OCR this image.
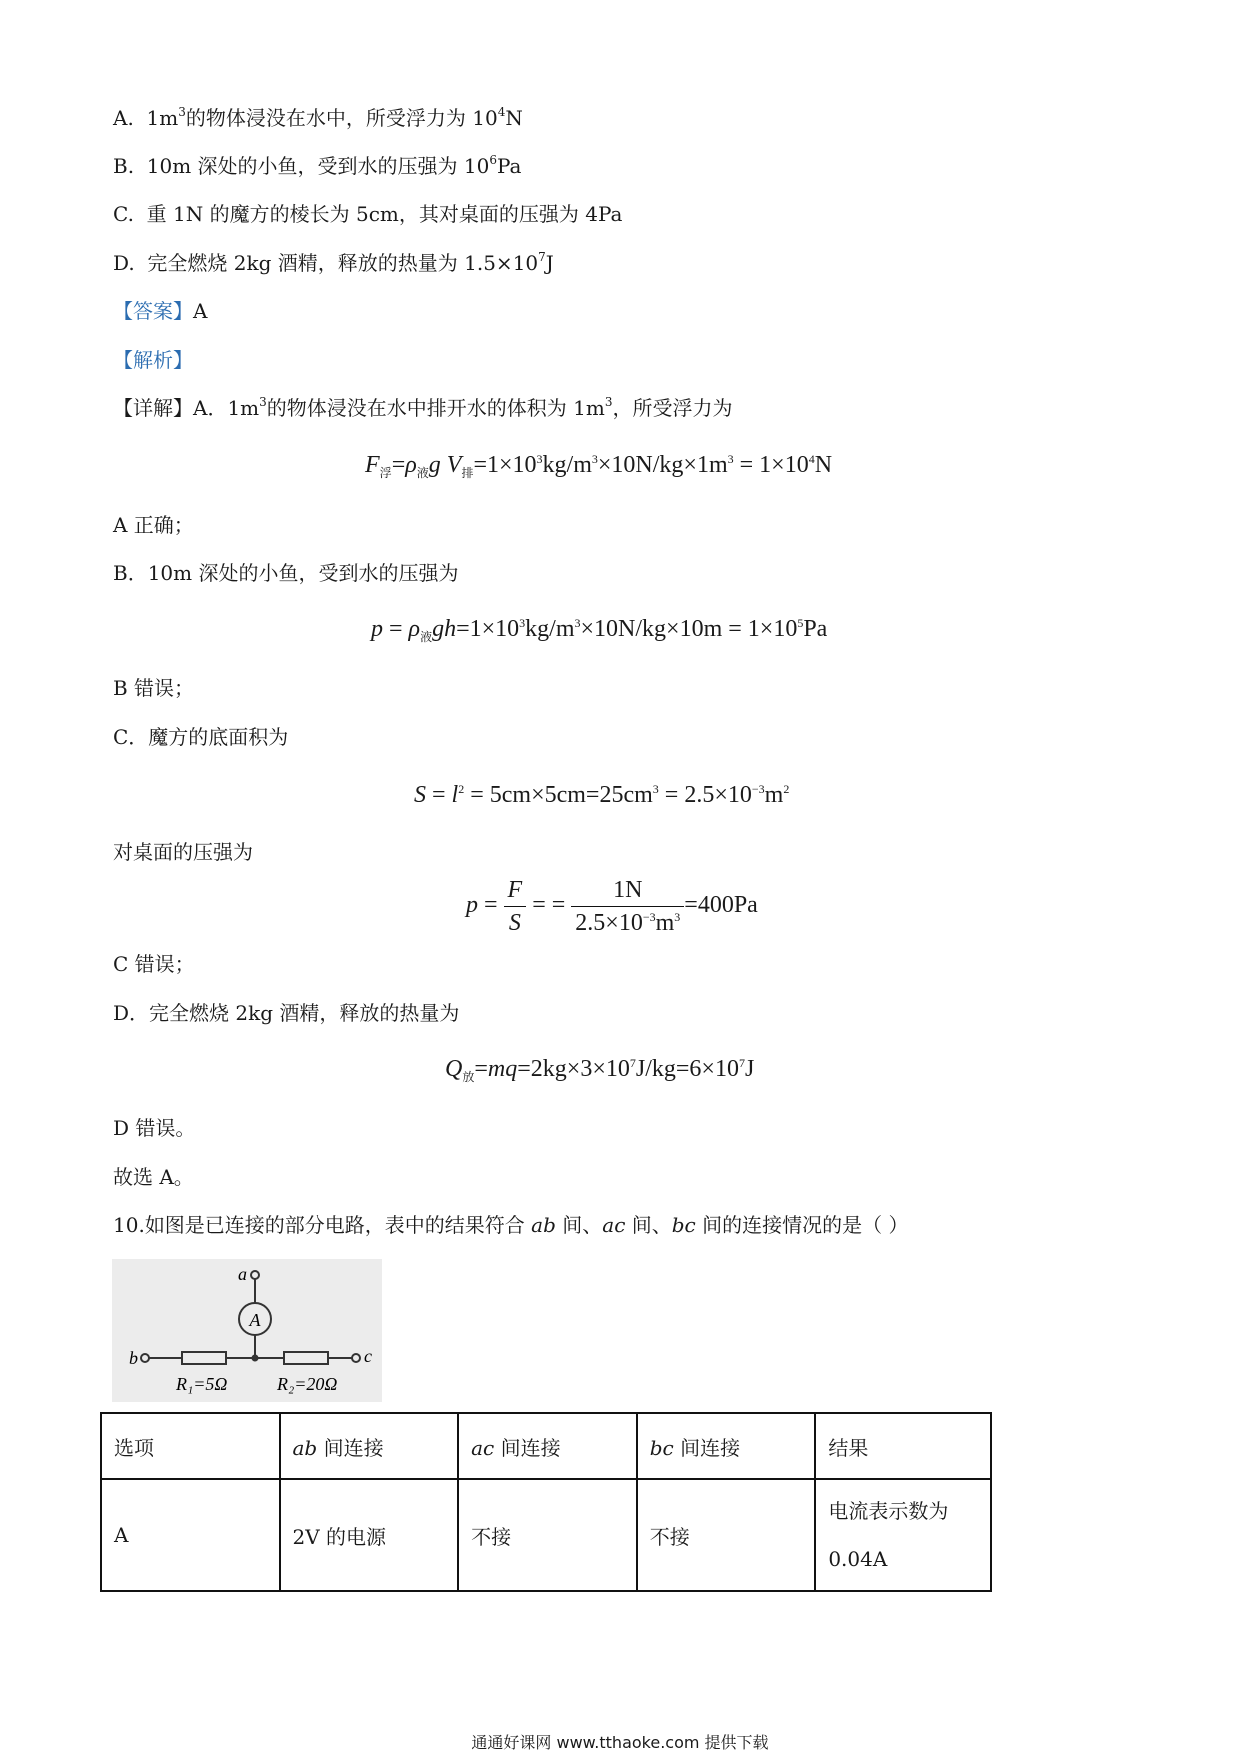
A. $1m^3$的物体浸没在水中，所受浮力为 $10^4N$
B. 10m 深处的小鱼，受到水的压强为 $10^6Pa$
C. 重 1N 的魔方的棱长为 5cm，其对桌面的压强为 4Pa
D. 完全燃烧 2kg 酒精，释放的热量为 $1.5\times 10^7J$
【答案】A
【解析】
【详解】A．$1m^3$的物体浸没在水中排开水的体积为 $1m^3$，所受浮力为
$F_浮=\rho_液g$ $V_排=1\times 10^3kg/m^3\times 10N/kg\times 1m^3 = 1\times 10^4N$
A 正确；
B．10m 深处的小鱼，受到水的压强为
$p = \rho_液gh=1\times 10^3kg/m^3\times 10N/kg\times 10m = 1\times 10^5Pa$
B 错误；
C．魔方的底面积为
$S = l^2 = 5cm\times 5cm=25cm^3 = 2.5\times 10^{-3}m^2$
对桌面的压强为
$p = \frac{F}{S}$ = = $\frac{1N}{2.5\times 10^{-3}m^3} =400Pa$
C 错误；
D．完全燃烧 2kg 酒精，释放的热量为
$Q_放=mq=2kg\times 3\times 10^7J/kg=6\times 10^7J$
D 错误。
故选 A。
10.如图是已连接的部分电路，表中的结果符合 ab 间、ac 间、bc 间的连接情况的是（ ）
a
A
b	c
R₁=5Ω	R₂=20Ω
选项	ab 间连接	ac 间连接	bc 间连接	结果
A	2V 的电源	不接	不接	电流表示数为
0.04A
通通好课网 www.tthaoke.com 提供下载
